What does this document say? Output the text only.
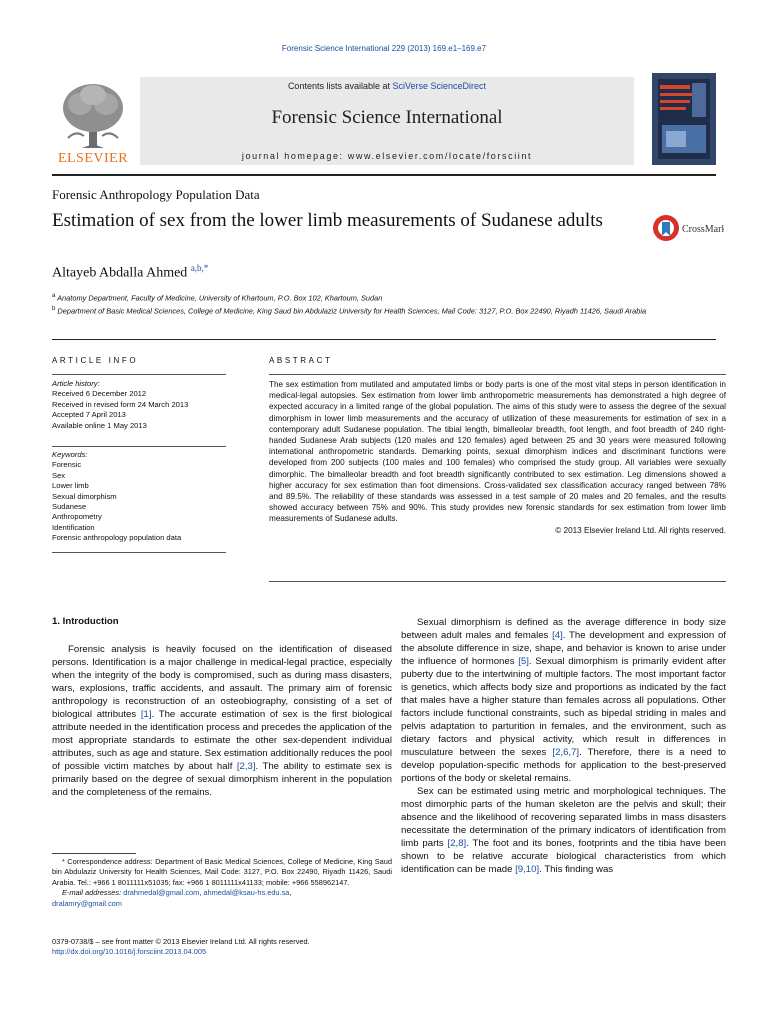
Forensic Science International 229 (2013) 169.e1–169.e7
ELSEVIER
Contents lists available at SciVerse ScienceDirect
Forensic Science International
journal homepage: www.elsevier.com/locate/forsciint
Forensic Anthropology Population Data
Estimation of sex from the lower limb measurements of Sudanese adults	CrossMark
Altayeb Abdalla Ahmed $^{a,b,*}$
$^a$ Anatomy Department, Faculty of Medicine, University of Khartoum, P.O. Box 102, Khartoum, Sudan
$^b$ Department of Basic Medical Sciences, College of Medicine, King Saud bin Abdulaziz University for Health Sciences, Mail Code: 3127, P.O. Box 22490, Riyadh 11426, Saudi Arabia
ARTICLE INFO
Article history:
Received 6 December 2012
Received in revised form 24 March 2013
Accepted 7 April 2013
Available online 1 May 2013
Keywords:
Forensic
Sex
Lower limb
Sexual dimorphism
Sudanese
Anthropometry
Identification
Forensic anthropology population data
ABSTRACT
The sex estimation from mutilated and amputated limbs or body parts is one of the most vital steps in person identification in medical-legal autopsies. Sex estimation from lower limb anthropometric measurements has demonstrated a high degree of expected accuracy in a limited range of the global population. The aims of this study were to assess the degree of the sexual dimorphism in lower limb measurements and the accuracy of utilization of these measurements for estimation of sex in a contemporary adult Sudanese population. The tibial length, bimalleolar breadth, foot length, and foot breadth of 240 right-handed Sudanese Arab subjects (120 males and 120 females) aged between 25 and 30 years were measured following international anthropometric standards. Demarking points, sexual dimorphism indices and discriminant functions were developed from 200 subjects (100 males and 100 females) who comprised the study group. All variables were sexually dimorphic. The bimalleolar breadth and foot breadth significantly contributed to sex estimation. Leg dimensions showed a higher accuracy for sex estimation than foot dimensions. Cross-validated sex classification accuracy ranged between 78% and 89.5%. The reliability of these standards was assessed in a test sample of 20 males and 20 females, and the results showed accuracy between 75% and 90%. This study provides new forensic standards for sex estimation from lower limb measurements of Sudanese adults.
© 2013 Elsevier Ireland Ltd. All rights reserved.
1. Introduction

Forensic analysis is heavily focused on the identification of diseased persons. Identification is a major challenge in medical-legal practice, especially when the integrity of the body is compromised, such as during mass disasters, wars, explosions, traffic accidents, and assault. The primary aim of forensic anthropology is reconstruction of an osteobiography, consisting of a set of biological attributes [1]. The accurate estimation of sex is the first biological attribute needed in the identification process and precedes the application of the most appropriate standards to estimate the other sex-dependent individual attributes, such as age and stature. Sex estimation additionally reduces the pool of possible victim matches by about half [2,3]. The ability to estimate sex is primarily based on the degree of sexual dimorphism inherent in the population and the completeness of the remains.

Sexual dimorphism is defined as the average difference in body size between adult males and females [4]. The development and expression of the absolute difference in size, shape, and behavior is known to arise under the influence of hormones [5]. Sexual dimorphism is primarily evident after puberty due to the intertwining of multiple factors. The most important factor is genetics, which affects body size and proportions as indicated by the fact that males have a higher stature than females across all populations. Other factors include functional constraints, such as bipedal striding in males and pelvis adaptation to parturition in females, and the environment, such as dietary factors and physical activity, which result in differences in musculature between the sexes [2,6,7]. Therefore, there is a need to develop population-specific methods for application to the best-preserved portions of the body or skeletal remains.

Sex can be estimated using metric and morphological techniques. The most dimorphic parts of the human skeleton are the pelvis and skull; their absence and the likelihood of recovering separated limbs in mass disasters necessitate the determination of the primary indicators of identification from limb parts [2,8]. The foot and its bones, footprints and the tibia have been shown to be relative accurate biological characteristics from which identification can be made [9,10]. This finding was

* Correspondence address: Department of Basic Medical Sciences, College of Medicine, King Saud bin Abdulaziz University for Health Sciences, Mail Code: 3127, P.O. Box 22490, Riyadh 11426, Saudi Arabia. Tel.: +966 1 8011111x51035; fax: +966 1 8011111x41133; mobile: +966 558962147.
E-mail addresses: drahmedal@gmail.com, ahmedal@ksau-hs.edu.sa,
dralamry@gmail.com
0379-0738/$ – see front matter © 2013 Elsevier Ireland Ltd. All rights reserved.
http://dx.doi.org/10.1016/j.forsciint.2013.04.005
